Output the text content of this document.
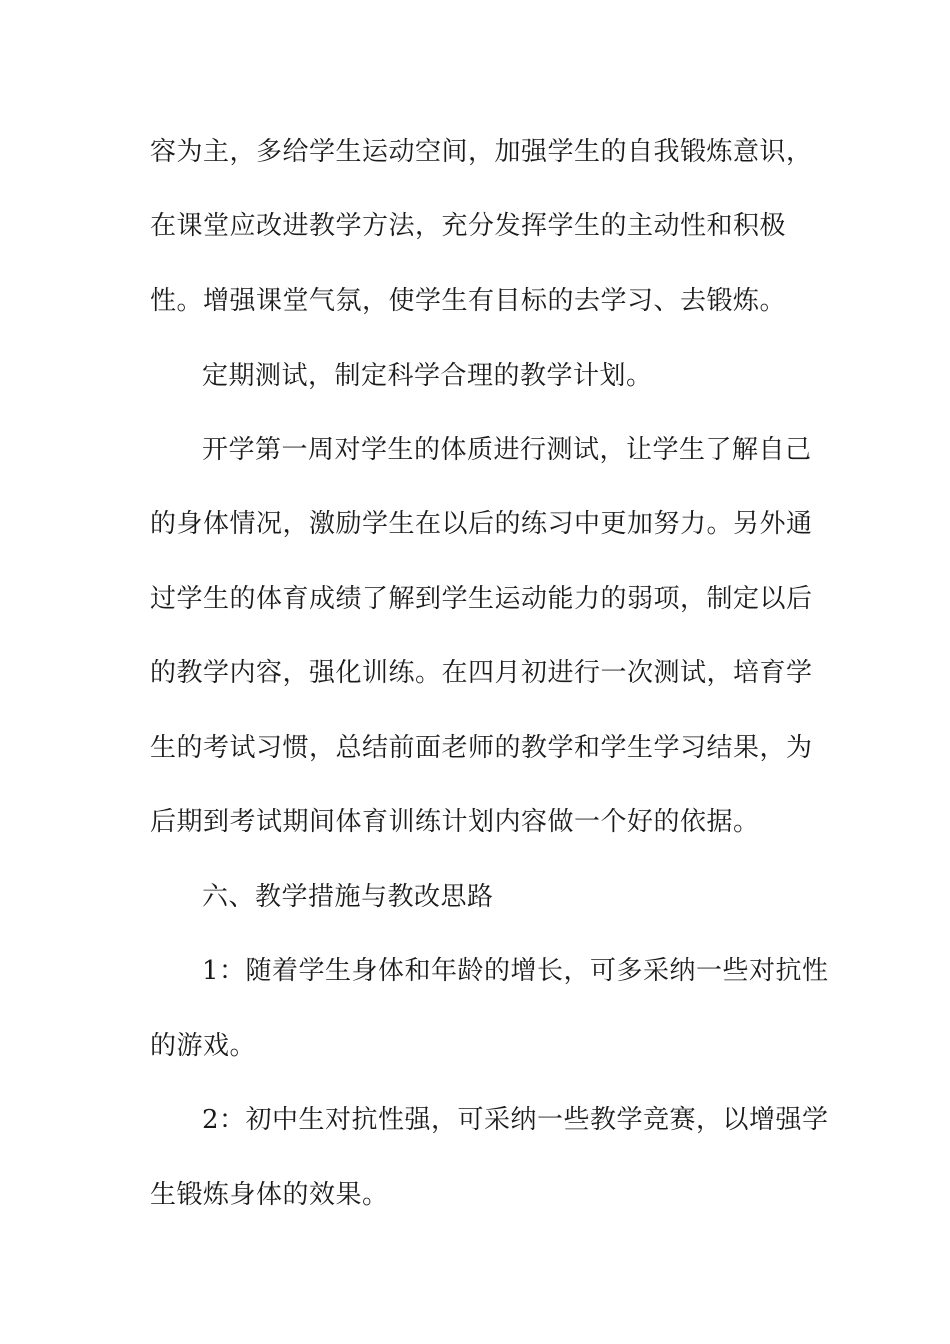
容为主，多给学生运动空间，加强学生的自我锻炼意识，
在课堂应改进教学方法，充分发挥学生的主动性和积极
性。增强课堂气氛，使学生有目标的去学习、去锻炼。
定期测试，制定科学合理的教学计划。
开学第一周对学生的体质进行测试，让学生了解自己
的身体情况，激励学生在以后的练习中更加努力。另外通
过学生的体育成绩了解到学生运动能力的弱项，制定以后
的教学内容，强化训练。在四月初进行一次测试，培育学
生的考试习惯，总结前面老师的教学和学生学习结果，为
后期到考试期间体育训练计划内容做一个好的依据。
六、教学措施与教改思路
1：随着学生身体和年龄的增长，可多采纳一些对抗性
的游戏。
2：初中生对抗性强，可采纳一些教学竞赛，以增强学
生锻炼身体的效果。
